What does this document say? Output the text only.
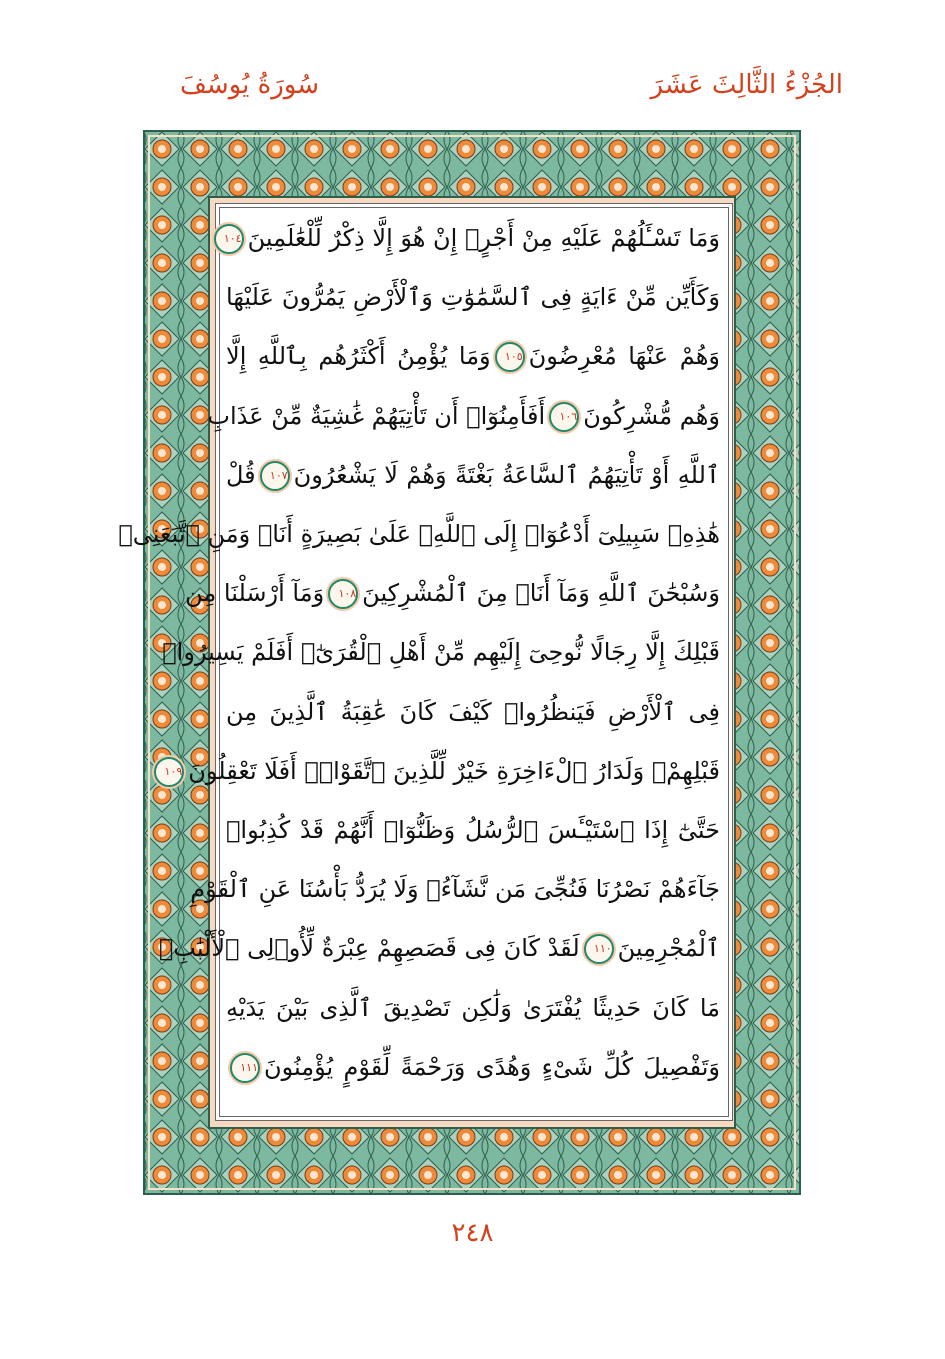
الجُزْءُ الثَّالِثَ عَشَرَ
سُورَةُ يُوسُفَ
وَمَا تَسْـَٔلُهُمْ عَلَيْهِ مِنْ أَجْرٍۚ إِنْ هُوَ إِلَّا ذِكْرٌ لِّلْعَٰلَمِينَ١٠٤
وَكَأَيِّن مِّنْ ءَايَةٍ فِى ٱلسَّمَٰوَٰتِ وَٱلْأَرْضِ يَمُرُّونَ عَلَيْهَا
وَهُمْ عَنْهَا مُعْرِضُونَ١٠٥وَمَا يُؤْمِنُ أَكْثَرُهُم بِٱللَّهِ إِلَّا
وَهُم مُّشْرِكُونَ١٠٦أَفَأَمِنُوٓا۟ أَن تَأْتِيَهُمْ غَٰشِيَةٌ مِّنْ عَذَابِ
ٱللَّهِ أَوْ تَأْتِيَهُمُ ٱلسَّاعَةُ بَغْتَةً وَهُمْ لَا يَشْعُرُونَ١٠٧قُلْ
هَٰذِهِۦ سَبِيلِىٓ أَدْعُوٓا۟ إِلَى ٱللَّهِۚ عَلَىٰ بَصِيرَةٍ أَنَا۠ وَمَنِ ٱتَّبَعَنِىۖ
وَسُبْحَٰنَ ٱللَّهِ وَمَآ أَنَا۠ مِنَ ٱلْمُشْرِكِينَ١٠٨وَمَآ أَرْسَلْنَا مِن
قَبْلِكَ إِلَّا رِجَالًا نُّوحِىٓ إِلَيْهِم مِّنْ أَهْلِ ٱلْقُرَىٰٓۗ أَفَلَمْ يَسِيرُوا۟
فِى ٱلْأَرْضِ فَيَنظُرُوا۟ كَيْفَ كَانَ عَٰقِبَةُ ٱلَّذِينَ مِن
قَبْلِهِمْۗ وَلَدَارُ ٱلْءَاخِرَةِ خَيْرٌ لِّلَّذِينَ ٱتَّقَوْا۟ۚ أَفَلَا تَعْقِلُونَ١٠٩
حَتَّىٰٓ إِذَا ٱسْتَيْـَٔسَ ٱلرُّسُلُ وَظَنُّوٓا۟ أَنَّهُمْ قَدْ كُذِبُوا۟
جَآءَهُمْ نَصْرُنَا فَنُجِّىَ مَن نَّشَآءُۖ وَلَا يُرَدُّ بَأْسُنَا عَنِ ٱلْقَوْمِ
ٱلْمُجْرِمِينَ١١٠لَقَدْ كَانَ فِى قَصَصِهِمْ عِبْرَةٌ لِّأُو۟لِى ٱلْأَلْبَٰبِۗ
مَا كَانَ حَدِيثًا يُفْتَرَىٰ وَلَٰكِن تَصْدِيقَ ٱلَّذِى بَيْنَ يَدَيْهِ
وَتَفْصِيلَ كُلِّ شَىْءٍ وَهُدًى وَرَحْمَةً لِّقَوْمٍ يُؤْمِنُونَ١١١
٢٤٨
